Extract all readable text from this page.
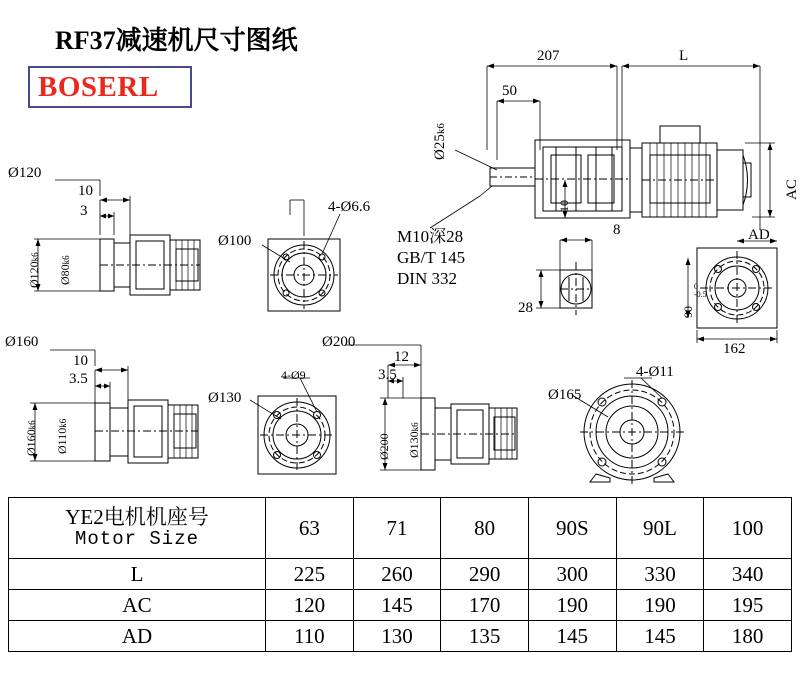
RF37减速机尺寸图纸
BOSERL
207	L
50
Ø25k6
AC
10
M10深28
GB/T 145
DIN 332
8
28
AD
90
0
-0.5
162
Ø120
10
3
Ø120k6
Ø80k6
Ø100
4-Ø6.6
Ø160
10
3.5
Ø160k6
Ø110k6
Ø130
4-Ø9
Ø200
12
3.5
Ø200 Ø130k6
Ø165
4-Ø11
YE2电机机座号
Motor Size	63	71	80	90S	90L	100
L	225	260	290	300	330	340
AC	120	145	170	190	190	195
AD	110	130	135	145	145	180
